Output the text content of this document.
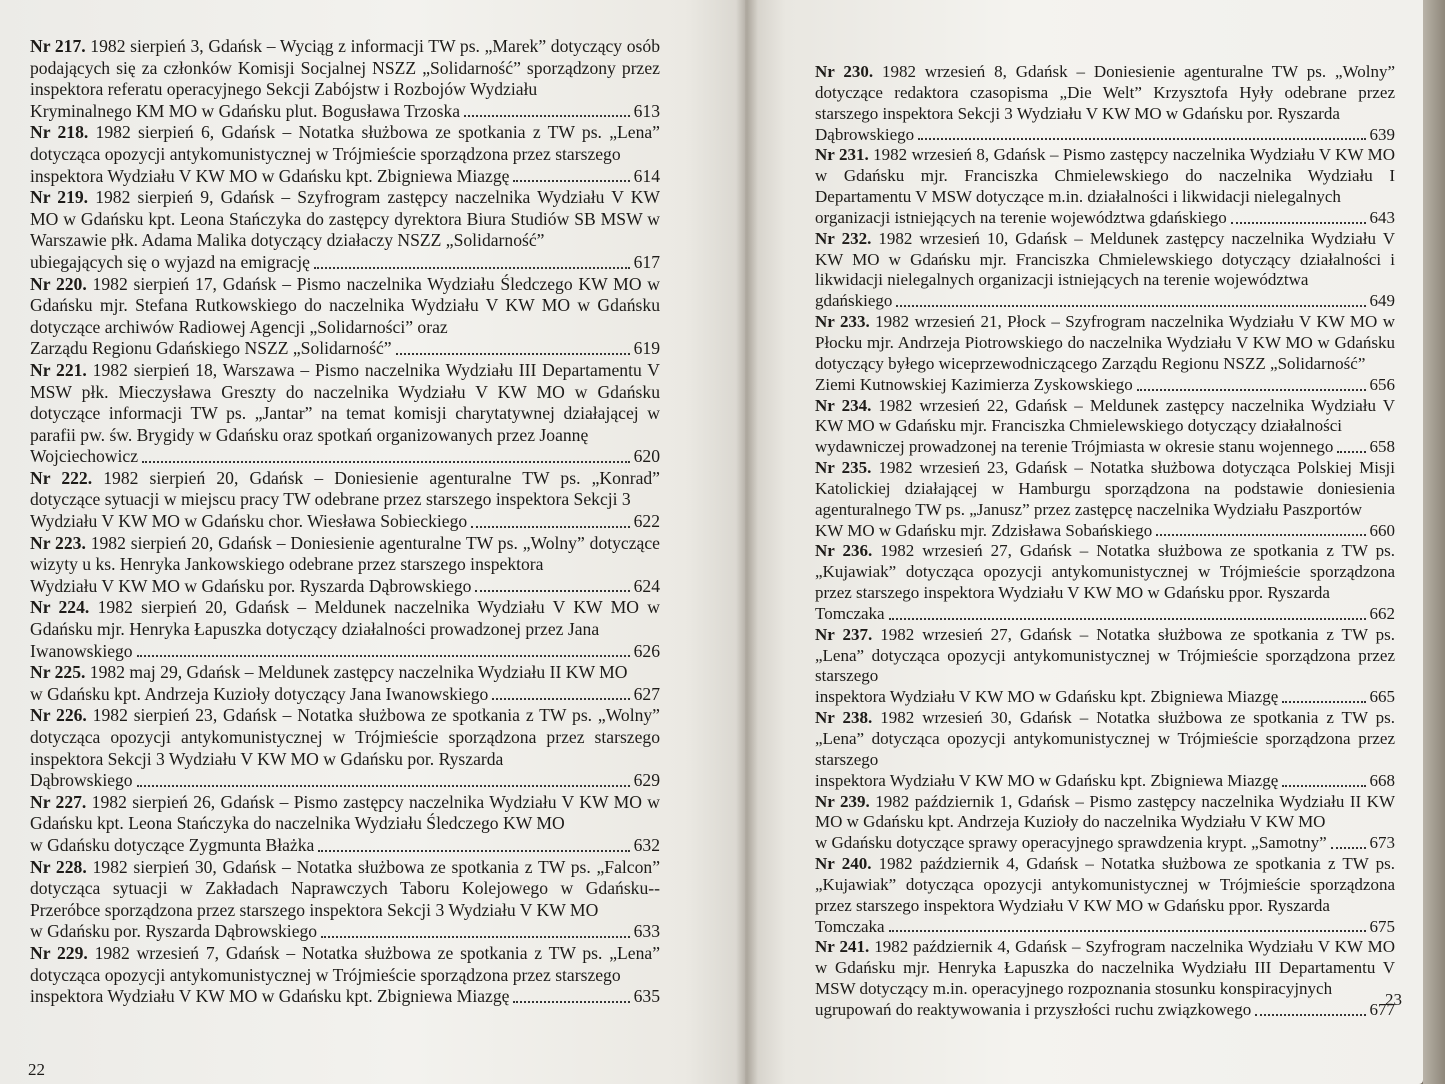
Nr 217. 1982 sierpień 3, Gdańsk – Wyciąg z informacji TW ps. „Marek” dotyczący osób podających się za członków Komisji Socjalnej NSZZ „Solidarność” sporządzony przez inspektora referatu operacyjnego Sekcji Zabójstw i Rozbojów Wydziału
Kryminalnego KM MO w Gdańsku plut. Bogusława Trzoska	613
Nr 218. 1982 sierpień 6, Gdańsk – Notatka służbowa ze spotkania z TW ps. „Lena” dotycząca opozycji antykomunistycznej w Trójmieście sporządzona przez starszego
inspektora Wydziału V KW MO w Gdańsku kpt. Zbigniewa Miazgę	614
Nr 219. 1982 sierpień 9, Gdańsk – Szyfrogram zastępcy naczelnika Wydziału V KW MO w Gdańsku kpt. Leona Stańczyka do zastępcy dyrektora Biura Studiów SB MSW w Warszawie płk. Adama Malika dotyczący działaczy NSZZ „Solidarność”
ubiegających się o wyjazd na emigrację	617
Nr 220. 1982 sierpień 17, Gdańsk – Pismo naczelnika Wydziału Śledczego KW MO w Gdańsku mjr. Stefana Rutkowskiego do naczelnika Wydziału V KW MO w Gdańsku dotyczące archiwów Radiowej Agencji „Solidarności” oraz
Zarządu Regionu Gdańskiego NSZZ „Solidarność”	619
Nr 221. 1982 sierpień 18, Warszawa – Pismo naczelnika Wydziału III Departamentu V MSW płk. Mieczysława Greszty do naczelnika Wydziału V KW MO w Gdańsku dotyczące informacji TW ps. „Jantar” na temat komisji charytatywnej działającej w parafii pw. św. Brygidy w Gdańsku oraz spotkań organizowanych przez Joannę
Wojciechowicz	620
Nr 222. 1982 sierpień 20, Gdańsk – Doniesienie agenturalne TW ps. „Konrad” dotyczące sytuacji w miejscu pracy TW odebrane przez starszego inspektora Sekcji 3
Wydziału V KW MO w Gdańsku chor. Wiesława Sobieckiego	622
Nr 223. 1982 sierpień 20, Gdańsk – Doniesienie agenturalne TW ps. „Wolny” dotyczące wizyty u ks. Henryka Jankowskiego odebrane przez starszego inspektora
Wydziału V KW MO w Gdańsku por. Ryszarda Dąbrowskiego	624
Nr 224. 1982 sierpień 20, Gdańsk – Meldunek naczelnika Wydziału V KW MO w Gdańsku mjr. Henryka Łapuszka dotyczący działalności prowadzonej przez Jana
Iwanowskiego	626
Nr 225. 1982 maj 29, Gdańsk – Meldunek zastępcy naczelnika Wydziału II KW MO
w Gdańsku kpt. Andrzeja Kuzioły dotyczący Jana Iwanowskiego	627
Nr 226. 1982 sierpień 23, Gdańsk – Notatka służbowa ze spotkania z TW ps. „Wolny” dotycząca opozycji antykomunistycznej w Trójmieście sporządzona przez starszego inspektora Sekcji 3 Wydziału V KW MO w Gdańsku por. Ryszarda
Dąbrowskiego	629
Nr 227. 1982 sierpień 26, Gdańsk – Pismo zastępcy naczelnika Wydziału V KW MO w Gdańsku kpt. Leona Stańczyka do naczelnika Wydziału Śledczego KW MO
w Gdańsku dotyczące Zygmunta Błażka	632
Nr 228. 1982 sierpień 30, Gdańsk – Notatka służbowa ze spotkania z TW ps. „Falcon” dotycząca sytuacji w Zakładach Naprawczych Taboru Kolejowego w Gdańsku--Przeróbce sporządzona przez starszego inspektora Sekcji 3 Wydziału V KW MO
w Gdańsku por. Ryszarda Dąbrowskiego	633
Nr 229. 1982 wrzesień 7, Gdańsk – Notatka służbowa ze spotkania z TW ps. „Lena” dotycząca opozycji antykomunistycznej w Trójmieście sporządzona przez starszego
inspektora Wydziału V KW MO w Gdańsku kpt. Zbigniewa Miazgę	635
Nr 230. 1982 wrzesień 8, Gdańsk – Doniesienie agenturalne TW ps. „Wolny” dotyczące redaktora czasopisma „Die Welt” Krzysztofa Hyły odebrane przez starszego inspektora Sekcji 3 Wydziału V KW MO w Gdańsku por. Ryszarda
Dąbrowskiego	639
Nr 231. 1982 wrzesień 8, Gdańsk – Pismo zastępcy naczelnika Wydziału V KW MO w Gdańsku mjr. Franciszka Chmielewskiego do naczelnika Wydziału I Departamentu V MSW dotyczące m.in. działalności i likwidacji nielegalnych
organizacji istniejących na terenie województwa gdańskiego	643
Nr 232. 1982 wrzesień 10, Gdańsk – Meldunek zastępcy naczelnika Wydziału V KW MO w Gdańsku mjr. Franciszka Chmielewskiego dotyczący działalności i likwidacji nielegalnych organizacji istniejących na terenie województwa
gdańskiego	649
Nr 233. 1982 wrzesień 21, Płock – Szyfrogram naczelnika Wydziału V KW MO w Płocku mjr. Andrzeja Piotrowskiego do naczelnika Wydziału V KW MO w Gdańsku dotyczący byłego wiceprzewodniczącego Zarządu Regionu NSZZ „Solidarność”
Ziemi Kutnowskiej Kazimierza Zyskowskiego	656
Nr 234. 1982 wrzesień 22, Gdańsk – Meldunek zastępcy naczelnika Wydziału V KW MO w Gdańsku mjr. Franciszka Chmielewskiego dotyczący działalności
wydawniczej prowadzonej na terenie Trójmiasta w okresie stanu wojennego 658
Nr 235. 1982 wrzesień 23, Gdańsk – Notatka służbowa dotycząca Polskiej Misji Katolickiej działającej w Hamburgu sporządzona na podstawie doniesienia agenturalnego TW ps. „Janusz” przez zastępcę naczelnika Wydziału Paszportów
KW MO w Gdańsku mjr. Zdzisława Sobańskiego	660
Nr 236. 1982 wrzesień 27, Gdańsk – Notatka służbowa ze spotkania z TW ps. „Kujawiak” dotycząca opozycji antykomunistycznej w Trójmieście sporządzona przez starszego inspektora Wydziału V KW MO w Gdańsku ppor. Ryszarda
Tomczaka	662
Nr 237. 1982 wrzesień 27, Gdańsk – Notatka służbowa ze spotkania z TW ps. „Lena” dotycząca opozycji antykomunistycznej w Trójmieście sporządzona przez starszego
inspektora Wydziału V KW MO w Gdańsku kpt. Zbigniewa Miazgę	665
Nr 238. 1982 wrzesień 30, Gdańsk – Notatka służbowa ze spotkania z TW ps. „Lena” dotycząca opozycji antykomunistycznej w Trójmieście sporządzona przez starszego
inspektora Wydziału V KW MO w Gdańsku kpt. Zbigniewa Miazgę	668
Nr 239. 1982 październik 1, Gdańsk – Pismo zastępcy naczelnika Wydziału II KW MO w Gdańsku kpt. Andrzeja Kuzioły do naczelnika Wydziału V KW MO
w Gdańsku dotyczące sprawy operacyjnego sprawdzenia krypt. „Samotny”	673
Nr 240. 1982 październik 4, Gdańsk – Notatka służbowa ze spotkania z TW ps. „Kujawiak” dotycząca opozycji antykomunistycznej w Trójmieście sporządzona przez starszego inspektora Wydziału V KW MO w Gdańsku ppor. Ryszarda
Tomczaka	675
Nr 241. 1982 październik 4, Gdańsk – Szyfrogram naczelnika Wydziału V KW MO w Gdańsku mjr. Henryka Łapuszka do naczelnika Wydziału III Departamentu V MSW dotyczący m.in. operacyjnego rozpoznania stosunku konspiracyjnych
ugrupowań do reaktywowania i przyszłości ruchu związkowego	677
22
23
